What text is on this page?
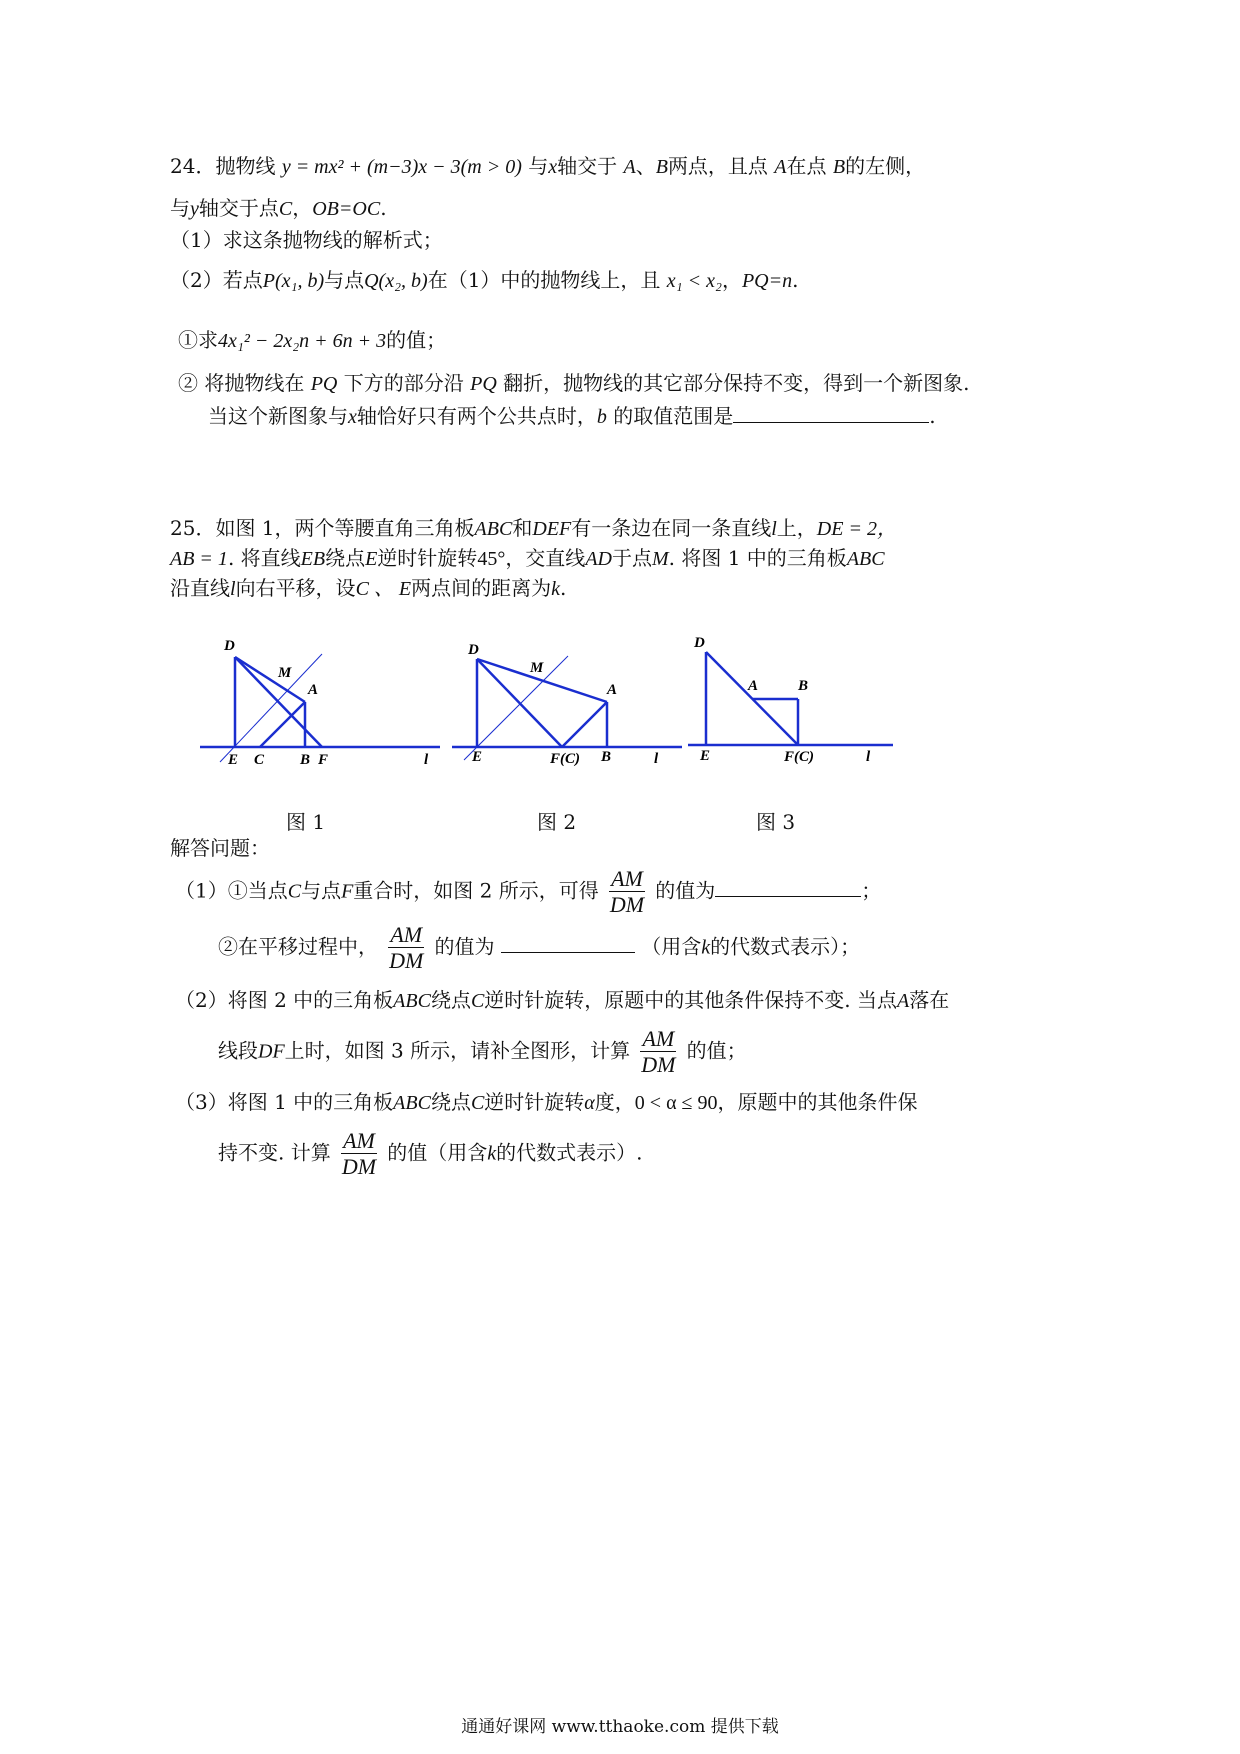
24．抛物线 y = mx² + (m−3)x − 3(m > 0) 与x轴交于 A、B两点，且点 A在点 B的左侧，
与y轴交于点C，OB=OC.
（1）求这条抛物线的解析式；
（2）若点P(x₁, b)与点Q(x₂, b)在（1）中的抛物线上，且 x₁ < x₂，PQ=n.
①求4x₁² − 2x₂n + 6n + 3的值；
② 将抛物线在 PQ 下方的部分沿 PQ 翻折，抛物线的其它部分保持不变，得到一个新图象.
当这个新图象与x轴恰好只有两个公共点时，b 的取值范围是	.
25．如图 1，两个等腰直角三角板ABC和DEF有一条边在同一条直线l上，DE = 2，
AB = 1. 将直线EB绕点E逆时针旋转45°，交直线AD于点M. 将图 1 中的三角板ABC
沿直线l向右平移，设C 、 E两点间的距离为k.
D
M
A
E C B F	l
D
M
A
E	F(C) B	l
D
A	B
E	F(C)	l
图 1	图 2	图 3
解答问题：
（1）①当点C与点F重合时，如图 2 所示，可得 $\frac{AM}{DM}$ 的值为	；
②在平移过程中， $\frac{AM}{DM}$ 的值为	（用含k的代数式表示）；
（2）将图 2 中的三角板ABC绕点C逆时针旋转，原题中的其他条件保持不变. 当点A落在
线段DF上时，如图 3 所示，请补全图形，计算 $\frac{AM}{DM}$ 的值；
（3）将图 1 中的三角板ABC绕点C逆时针旋转α度，0 < α ≤ 90，原题中的其他条件保
持不变. 计算 $\frac{AM}{DM}$ 的值（用含k的代数式表示）.
通通好课网 www.tthaoke.com 提供下载
